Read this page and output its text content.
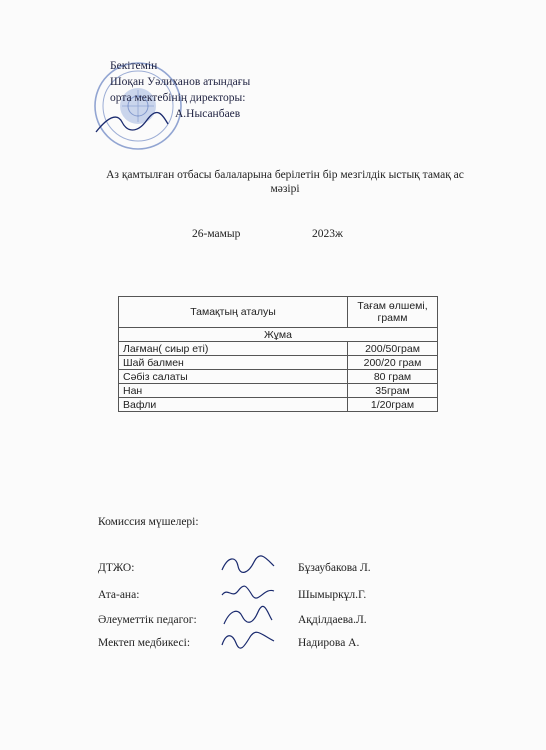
Бекітемін
Шоқан Уәлиханов атындағы
орта мектебінің директоры:
А.Нысанбаев
Аз қамтылған отбасы балаларына берілетін бір мезгілдік ыстық тамақ ас мәзірі
26-мамыр	2023ж
Тамақтың аталуы	Тағам өлшемі, грамм
Жұма	
Лағман( сиыр еті)	200/50грам
Шай балмен	200/20 грам
Сәбіз салаты	80 грам
Нан	35грам
Вафли	1/20грам
Комиссия мүшелері:
ДТЖО:	Бұзаубакова Л.
Ата-ана:	Шымыркұл.Г.
Әлеуметтік педагог:	Ақділдаева.Л.
Мектеп медбикесі:	Надирова А.
